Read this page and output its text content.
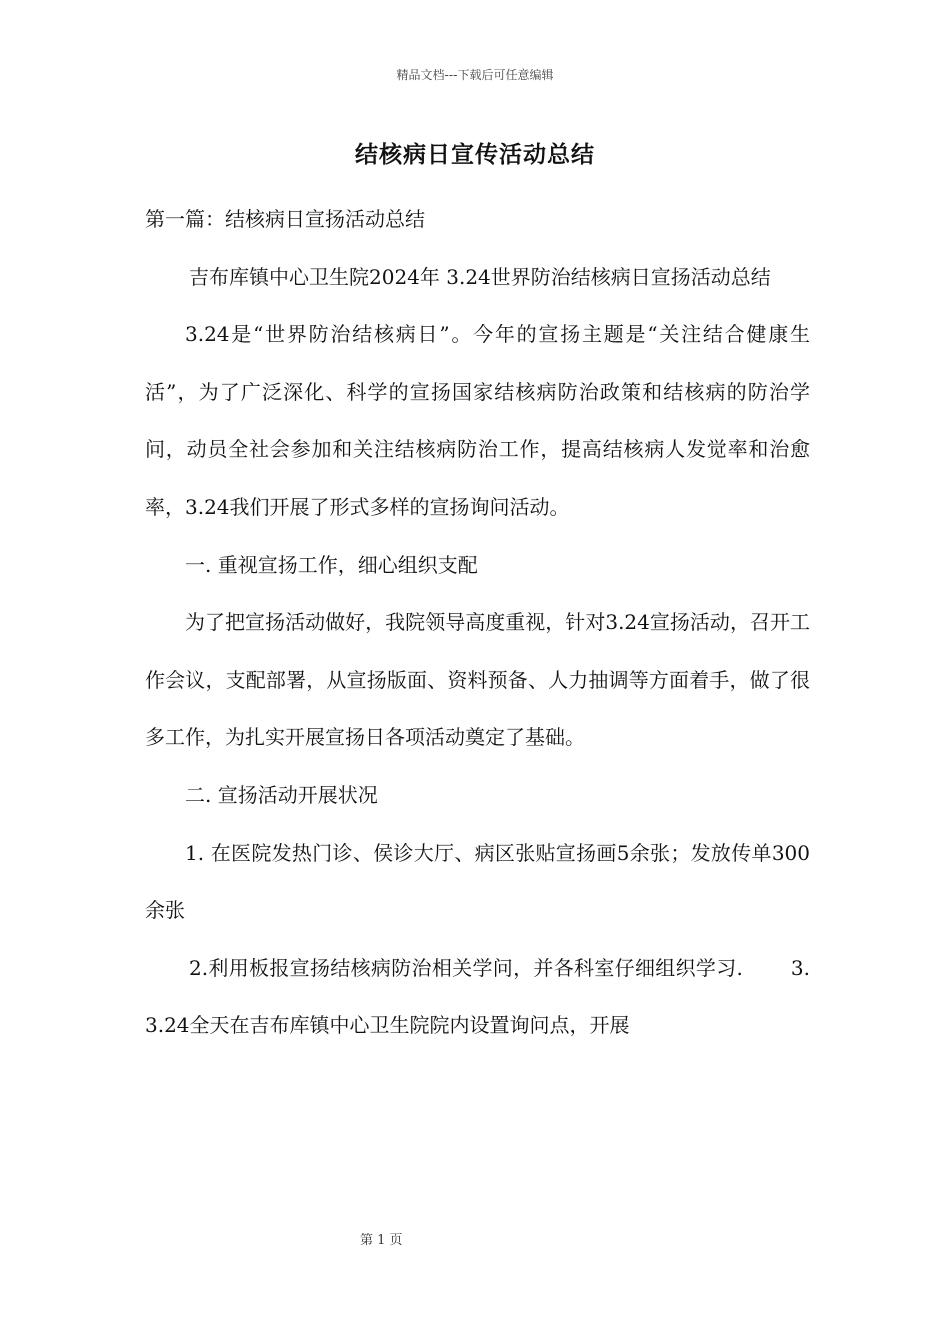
精品文档---下载后可任意编辑
结核病日宣传活动总结

第一篇：结核病日宣扬活动总结

吉布库镇中心卫生院2024年 3.24世界防治结核病日宣扬活动总结

3.24是“世界防治结核病日”。今年的宣扬主题是“关注结合健康生活”，为了广泛深化、科学的宣扬国家结核病防治政策和结核病的防治学问，动员全社会参加和关注结核病防治工作，提高结核病人发觉率和治愈率，3.24我们开展了形式多样的宣扬询问活动。

一. 重视宣扬工作，细心组织支配

为了把宣扬活动做好，我院领导高度重视，针对3.24宣扬活动，召开工作会议，支配部署，从宣扬版面、资料预备、人力抽调等方面着手，做了很多工作，为扎实开展宣扬日各项活动奠定了基础。

二. 宣扬活动开展状况

1. 在医院发热门诊、侯诊大厅、病区张贴宣扬画5余张；发放传单300余张

2.利用板报宣扬结核病防治相关学问，并各科室仔细组织学习. 3. 3.24全天在吉布库镇中心卫生院院内设置询问点，开展

第 1 页
